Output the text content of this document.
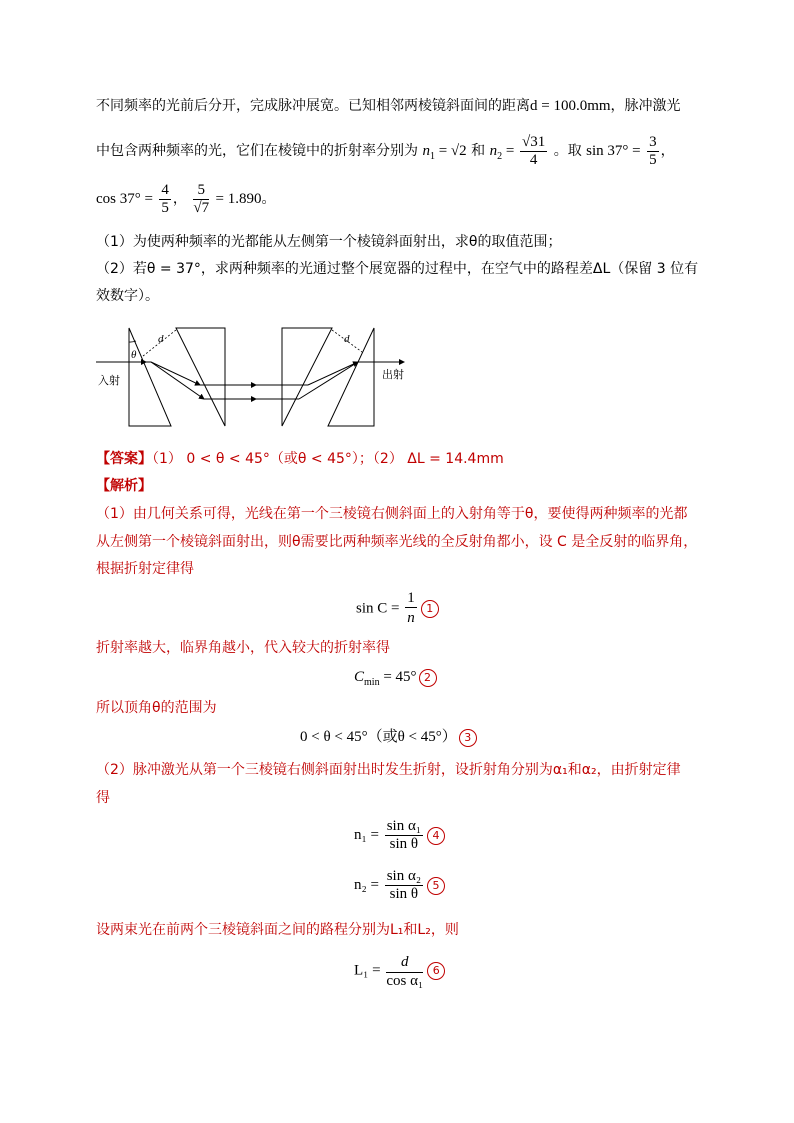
不同频率的光前后分开，完成脉冲展宽。已知相邻两棱镜斜面间的距离d = 100.0mm，脉冲激光
中包含两种频率的光，它们在棱镜中的折射率分别为 $n_1 = √2$ 和 $n_2 = \frac{√31}{4}$ 。取 $\sin 37^\circ = \frac{3}{5}$ ，
$\cos 37^\circ = \frac{4}{5}$ ， $\frac{5}{√7} = 1.890$。
（1）为使两种频率的光都能从左侧第一个棱镜斜面射出，求θ的取值范围；
（2）若θ = 37°，求两种频率的光通过整个展宽器的过程中，在空气中的路程差ΔL（保留 3 位有
效数字）。
θ
d	d
入射	出射
【答案】（1） 0 < θ < 45°（或θ < 45°）；（2） ΔL = 14.4mm
【解析】
（1）由几何关系可得，光线在第一个三棱镜右侧斜面上的入射角等于θ，要使得两种频率的光都
从左侧第一个棱镜斜面射出，则θ需要比两种频率光线的全反射角都小，设 C 是全反射的临界角，
根据折射定律得
$\sin C = \frac{1}{n} 1$
折射率越大，临界角越小，代入较大的折射率得
$C_{min} = 45^\circ$ 2
所以顶角θ的范围为
0 < θ < 45°（或θ < 45°） 3
（2）脉冲激光从第一个三棱镜右侧斜面射出时发生折射，设折射角分别为α₁和α₂，由折射定律
得
$n_1 = \frac{\text{sin α₁}}{\text{sin θ}} 4$
$n_2 = \frac{\text{sin α₂}}{\text{sin θ}} 5$
设两束光在前两个三棱镜斜面之间的路程分别为L₁和L₂，则
$L_1 = \frac{d}{\text{cos α₁}} 6$
